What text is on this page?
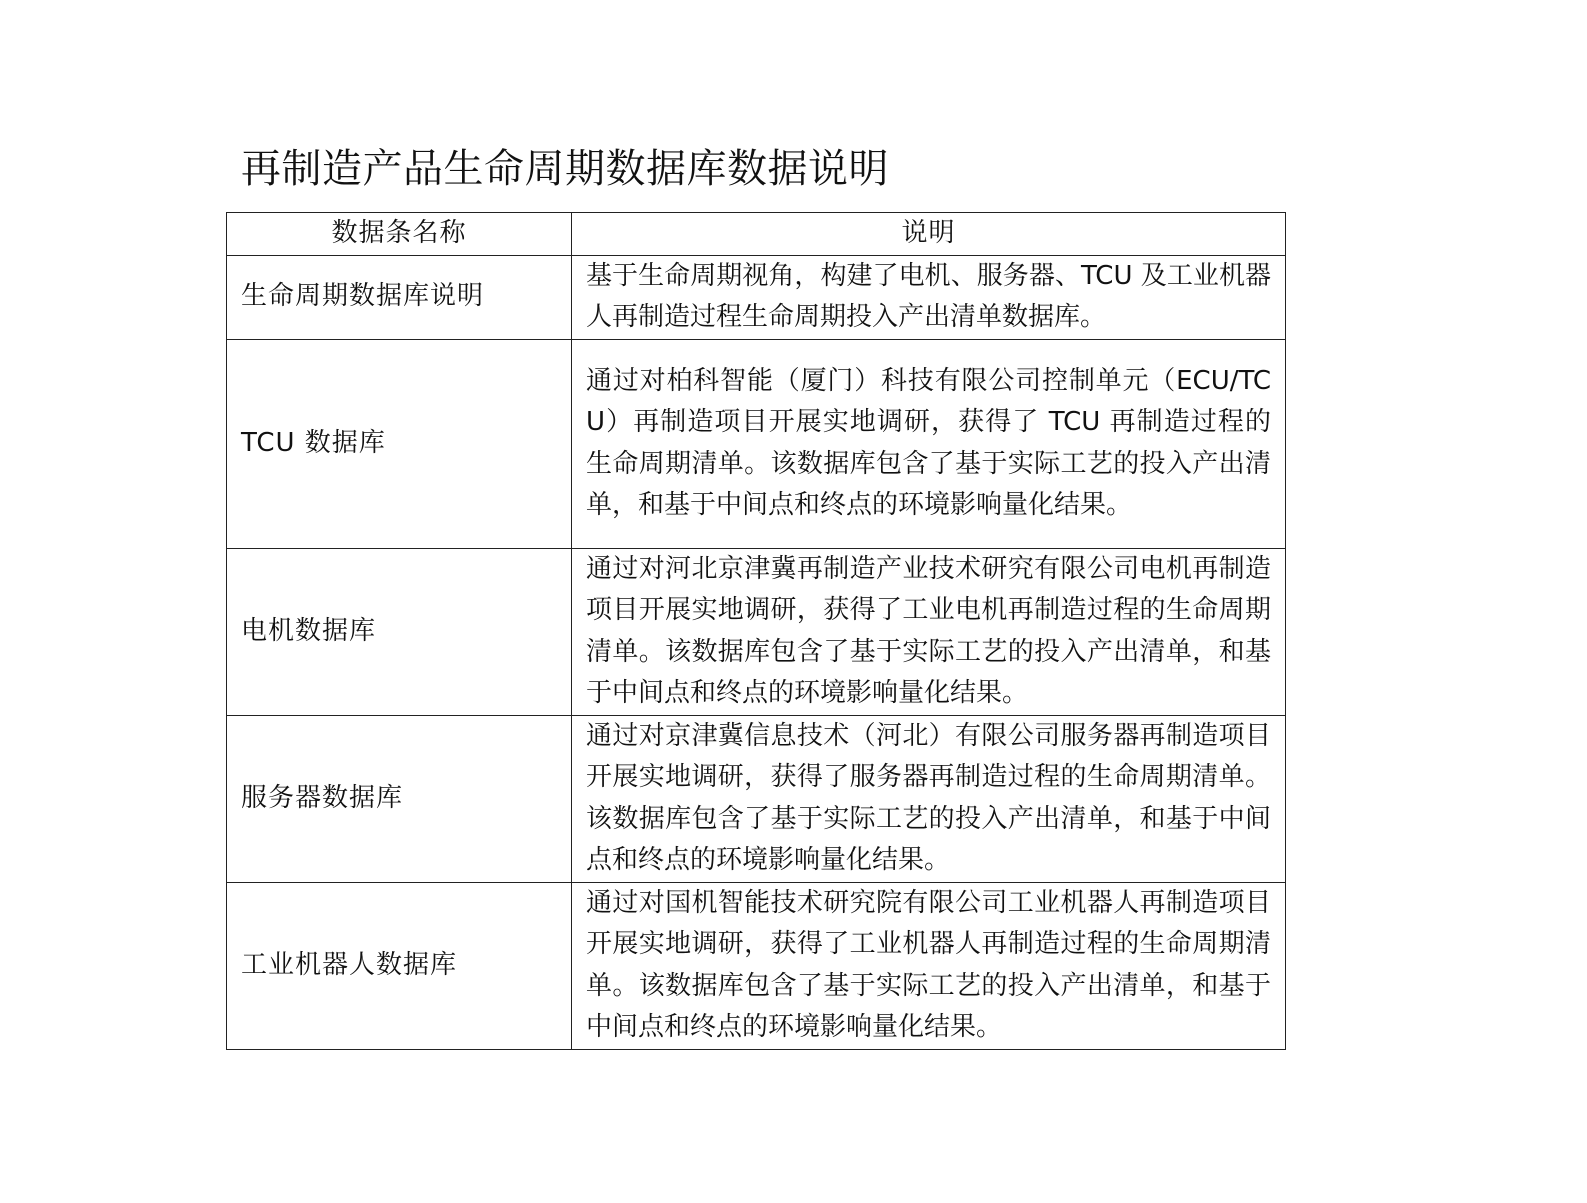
再制造产品生命周期数据库数据说明
数据条名称	说明
生命周期数据库说明	基于生命周期视角，构建了电机、服务器、TCU 及工业机器人再制造过程生命周期投入产出清单数据库。
TCU 数据库	通过对柏科智能（厦门）科技有限公司控制单元（ECU/TCU）再制造项目开展实地调研，获得了 TCU 再制造过程的生命周期清单。该数据库包含了基于实际工艺的投入产出清单，和基于中间点和终点的环境影响量化结果。
电机数据库	通过对河北京津冀再制造产业技术研究有限公司电机再制造项目开展实地调研，获得了工业电机再制造过程的生命周期清单。该数据库包含了基于实际工艺的投入产出清单，和基于中间点和终点的环境影响量化结果。
服务器数据库	通过对京津冀信息技术（河北）有限公司服务器再制造项目开展实地调研，获得了服务器再制造过程的生命周期清单。该数据库包含了基于实际工艺的投入产出清单，和基于中间点和终点的环境影响量化结果。
工业机器人数据库	通过对国机智能技术研究院有限公司工业机器人再制造项目开展实地调研，获得了工业机器人再制造过程的生命周期清单。该数据库包含了基于实际工艺的投入产出清单，和基于中间点和终点的环境影响量化结果。
